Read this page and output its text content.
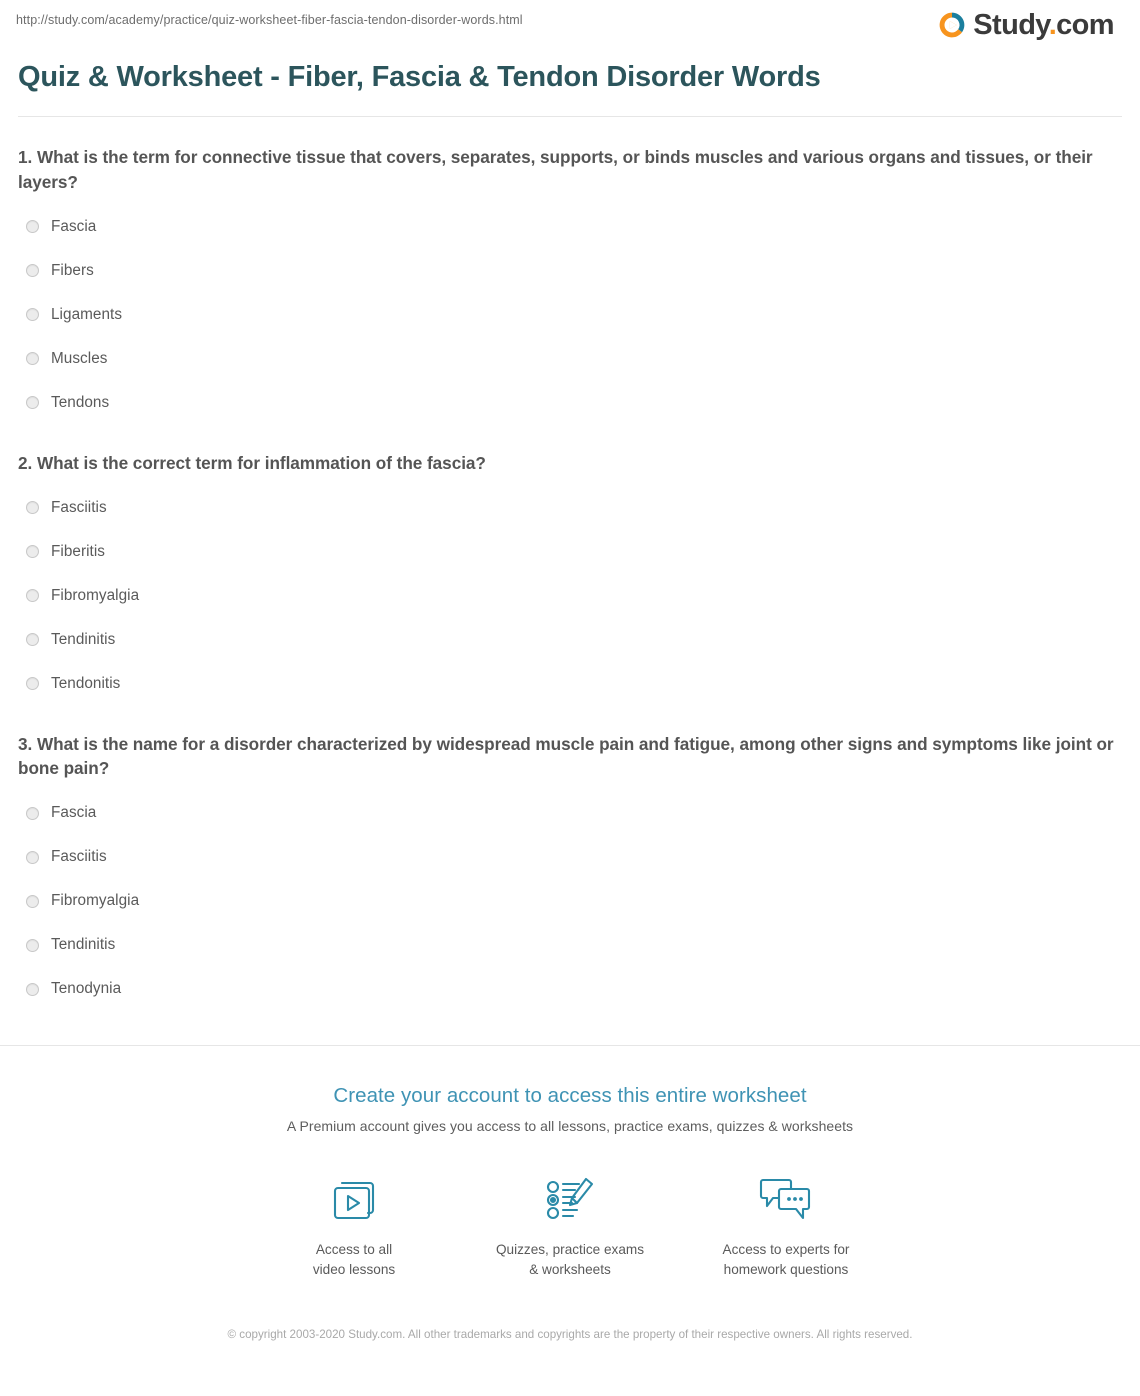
http://study.com/academy/practice/quiz-worksheet-fiber-fascia-tendon-disorder-words.html	Study.com
Quiz & Worksheet - Fiber, Fascia & Tendon Disorder Words

1. What is the term for connective tissue that covers, separates, supports, or binds muscles and various organs and tissues, or their layers?

Fascia
Fibers
Ligaments
Muscles
Tendons

2. What is the correct term for inflammation of the fascia?

Fasciitis
Fiberitis
Fibromyalgia
Tendinitis
Tendonitis

3. What is the name for a disorder characterized by widespread muscle pain and fatigue, among other signs and symptoms like joint or bone pain?

Fascia
Fasciitis
Fibromyalgia
Tendinitis
Tenodynia

Create your account to access this entire worksheet

A Premium account gives you access to all lessons, practice exams, quizzes & worksheets

Access to all
video lessons
Quizzes, practice exams
& worksheets
Access to experts for
homework questions
© copyright 2003-2020 Study.com. All other trademarks and copyrights are the property of their respective owners. All rights reserved.
